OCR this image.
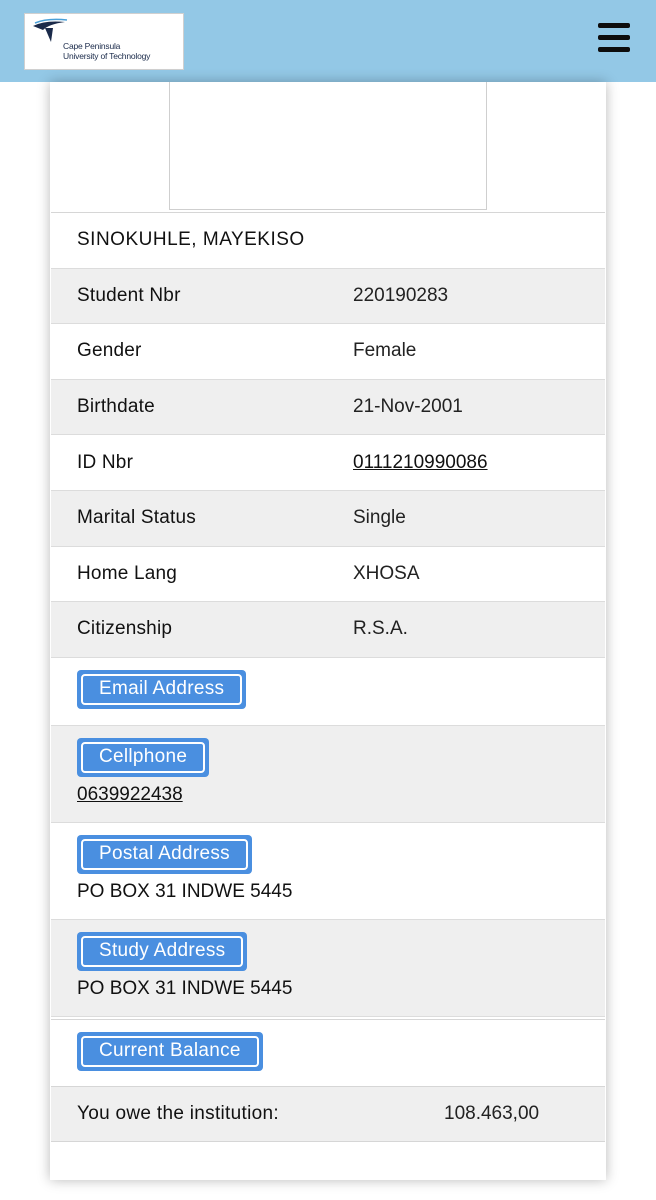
Cape Peninsula
University of Technology
SINOKUHLE, MAYEKISO
Student Nbr	220190283
Gender	Female
Birthdate	21-Nov-2001
ID Nbr	0111210990086
Marital Status	Single
Home Lang	XHOSA
Citizenship	R.S.A.
Email Address
Cellphone
0639922438
Postal Address
PO BOX 31 INDWE 5445
Study Address
PO BOX 31 INDWE 5445
Current Balance
You owe the institution:	108.463,00
